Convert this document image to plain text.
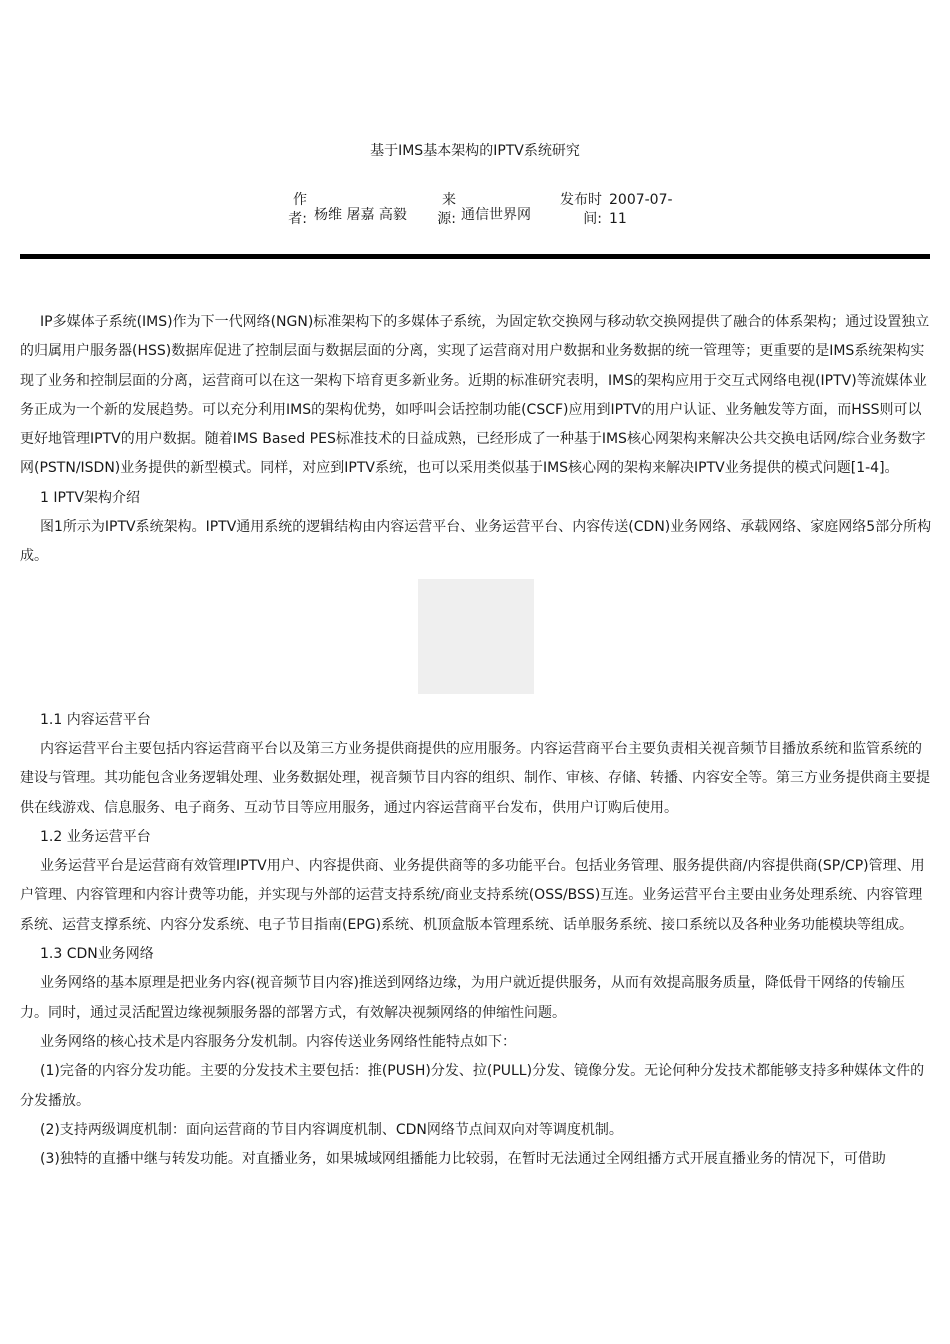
基于IMS基本架构的IPTV系统研究
作
者: 杨维 屠嘉 高毅
来
源: 通信世界网
发布时
间:
2007-07-
11

IP多媒体子系统(IMS)作为下一代网络(NGN)标准架构下的多媒体子系统，为固定软交换网与移动软交换网提供了融合的体系架构；通过设置独立的归属用户服务器(HSS)数据库促进了控制层面与数据层面的分离，实现了运营商对用户数据和业务数据的统一管理等；更重要的是IMS系统架构实现了业务和控制层面的分离，运营商可以在这一架构下培育更多新业务。近期的标准研究表明，IMS的架构应用于交互式网络电视(IPTV)等流媒体业务正成为一个新的发展趋势。可以充分利用IMS的架构优势，如呼叫会话控制功能(CSCF)应用到IPTV的用户认证、业务触发等方面，而HSS则可以更好地管理IPTV的用户数据。随着IMS Based PES标准技术的日益成熟，已经形成了一种基于IMS核心网架构来解决公共交换电话网/综合业务数字网(PSTN/ISDN)业务提供的新型模式。同样，对应到IPTV系统，也可以采用类似基于IMS核心网的架构来解决IPTV业务提供的模式问题[1-4]。

1 IPTV架构介绍

图1所示为IPTV系统架构。IPTV通用系统的逻辑结构由内容运营平台、业务运营平台、内容传送(CDN)业务网络、承载网络、家庭网络5部分所构成。

1.1 内容运营平台

内容运营平台主要包括内容运营商平台以及第三方业务提供商提供的应用服务。内容运营商平台主要负责相关视音频节目播放系统和监管系统的建设与管理。其功能包含业务逻辑处理、业务数据处理，视音频节目内容的组织、制作、审核、存储、转播、内容安全等。第三方业务提供商主要提供在线游戏、信息服务、电子商务、互动节目等应用服务，通过内容运营商平台发布，供用户订购后使用。

1.2 业务运营平台

业务运营平台是运营商有效管理IPTV用户、内容提供商、业务提供商等的多功能平台。包括业务管理、服务提供商/内容提供商(SP/CP)管理、用户管理、内容管理和内容计费等功能，并实现与外部的运营支持系统/商业支持系统(OSS/BSS)互连。业务运营平台主要由业务处理系统、内容管理系统、运营支撑系统、内容分发系统、电子节目指南(EPG)系统、机顶盒版本管理系统、话单服务系统、接口系统以及各种业务功能模块等组成。

1.3 CDN业务网络

业务网络的基本原理是把业务内容(视音频节目内容)推送到网络边缘，为用户就近提供服务，从而有效提高服务质量，降低骨干网络的传输压力。同时，通过灵活配置边缘视频服务器的部署方式，有效解决视频网络的伸缩性问题。

业务网络的核心技术是内容服务分发机制。内容传送业务网络性能特点如下：

(1)完备的内容分发功能。主要的分发技术主要包括：推(PUSH)分发、拉(PULL)分发、镜像分发。无论何种分发技术都能够支持多种媒体文件的分发播放。

(2)支持两级调度机制：面向运营商的节目内容调度机制、CDN网络节点间双向对等调度机制。

(3)独特的直播中继与转发功能。对直播业务，如果城域网组播能力比较弱，在暂时无法通过全网组播方式开展直播业务的情况下，可借助
